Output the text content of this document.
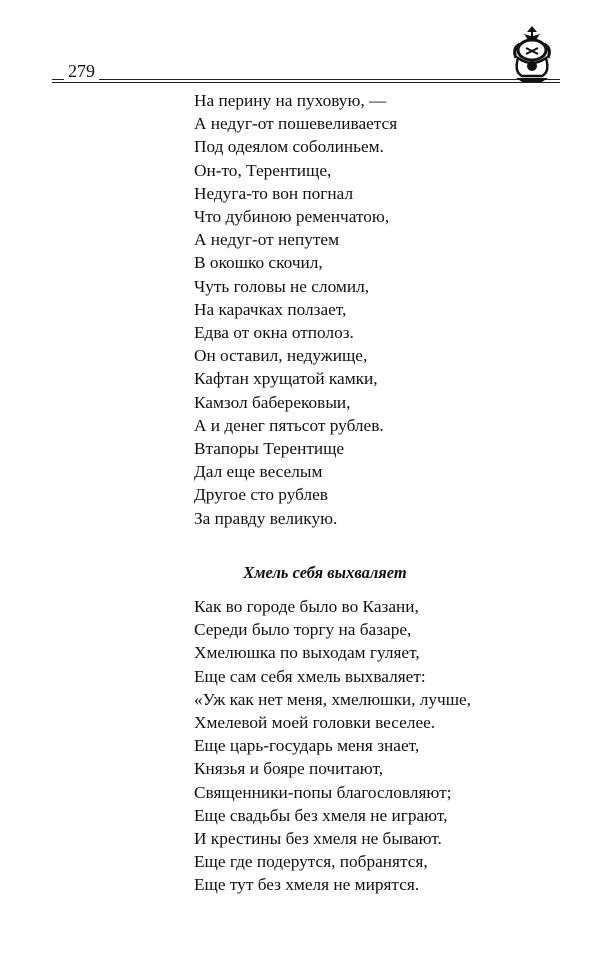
279
На перину на пуховую, —
А недуг-от пошевеливается
Под одеялом соболиньем.
Он-то, Терентище,
Недуга-то вон погнал
Что дубиною ременчатою,
А недуг-от непутем
В окошко скочил,
Чуть головы не сломил,
На карачках ползает,
Едва от окна отполоз.
Он оставил, недужище,
Кафтан хрущатой камки,
Камзол баберековыи,
А и денег пятьсот рублев.
Втапоры Терентище
Дал еще веселым
Другое сто рублев
За правду великую.
Хмель себя выхваляет
Как во городе было во Казани,
Середи было торгу на базаре,
Хмелюшка по выходам гуляет,
Еще сам себя хмель выхваляет:
«Уж как нет меня, хмелюшки, лучше,
Хмелевой моей головки веселее.
Еще царь-государь меня знает,
Князья и бояре почитают,
Священники-попы благословляют;
Еще свадьбы без хмеля не играют,
И крестины без хмеля не бывают.
Еще где подерутся, побранятся,
Еще тут без хмеля не мирятся.
